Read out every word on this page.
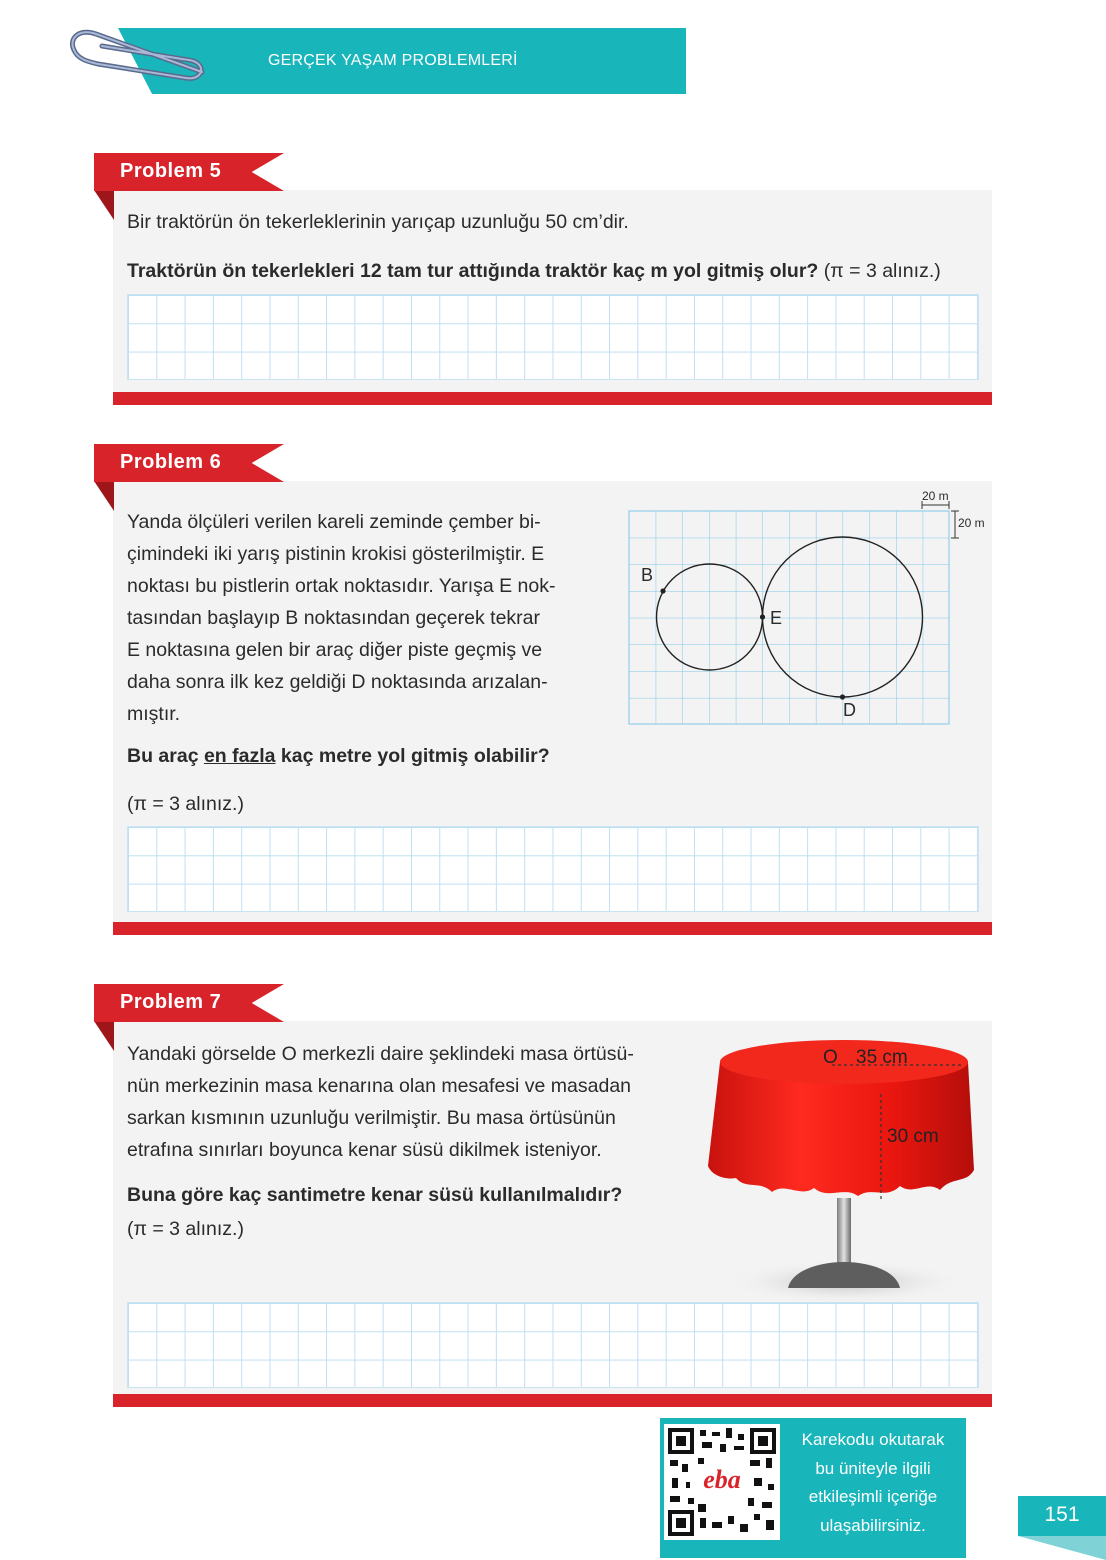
GERÇEK YAŞAM PROBLEMLERİ
Problem 5
Bir traktörün ön tekerleklerinin yarıçap uzunluğu 50 cm’dir.
Traktörün ön tekerlekleri 12 tam tur attığında traktör kaç m yol gitmiş olur? (π = 3 alınız.)
Problem 6
Yanda ölçüleri verilen kareli zeminde çember bi-
çimindeki iki yarış pistinin krokisi gösterilmiştir. E
noktası bu pistlerin ortak noktasıdır. Yarışa E nok-
tasından başlayıp B noktasından geçerek tekrar
E noktasına gelen bir araç diğer piste geçmiş ve
daha sonra ilk kez geldiği D noktasında arızalan-
mıştır.
Bu araç en fazla kaç metre yol gitmiş olabilir?
(π = 3 alınız.)
B
E
D
20 m
20 m
Problem 7
Yandaki görselde O merkezli daire şeklindeki masa örtüsü-
nün merkezinin masa kenarına olan mesafesi ve masadan
sarkan kısmının uzunluğu verilmiştir. Bu masa örtüsünün
etrafına sınırları boyunca kenar süsü dikilmek isteniyor.
Buna göre kaç santimetre kenar süsü kullanılmalıdır?
(π = 3 alınız.)
O 35 cm
30 cm
eba
Karekodu okutarak
bu üniteyle ilgili
etkileşimli içeriğe
ulaşabilirsiniz.	151
